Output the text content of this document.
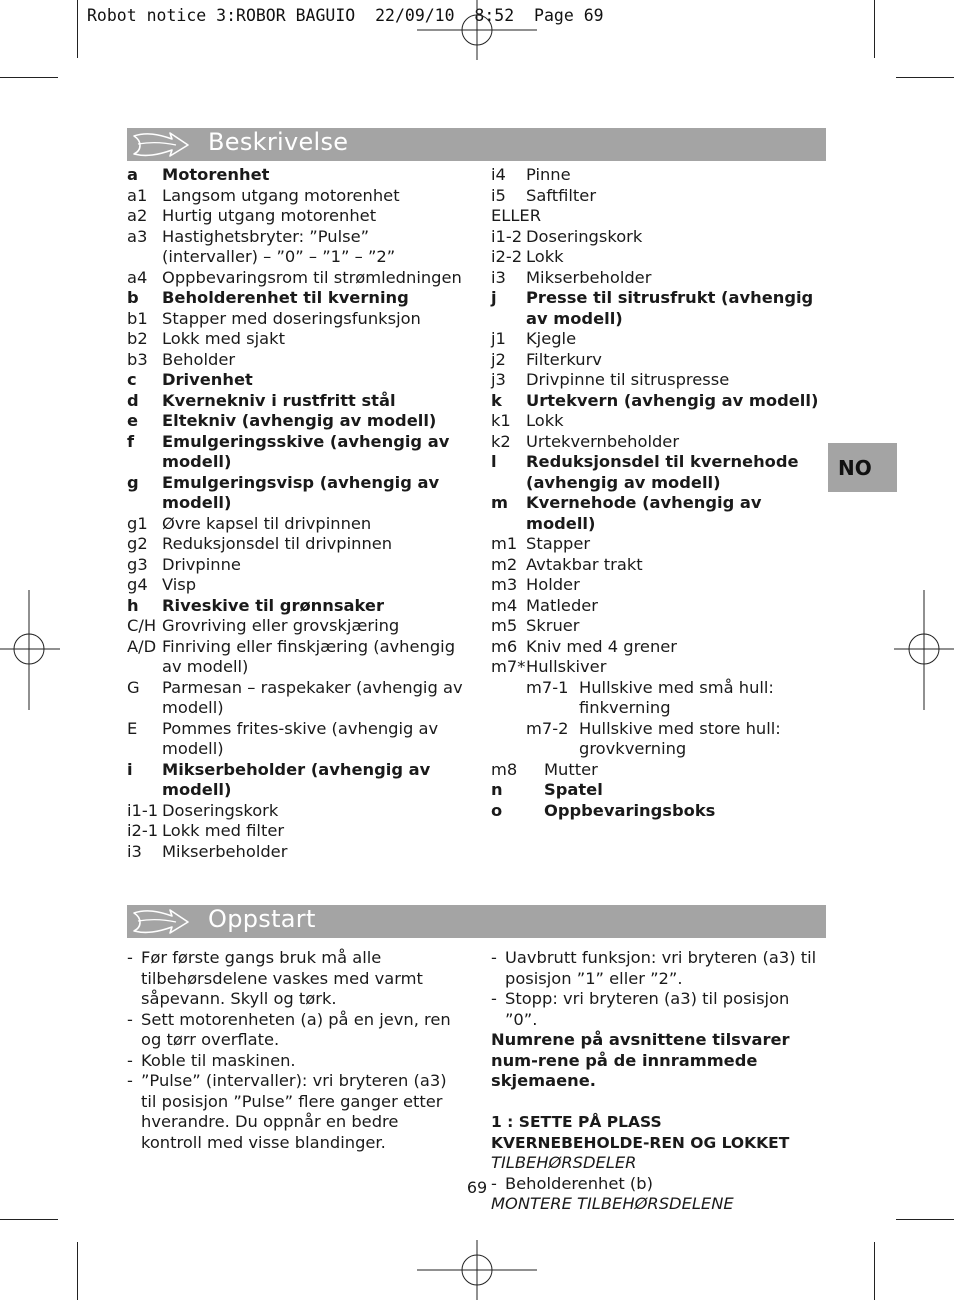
Robot notice 3:ROBOR BAGUIO  22/09/10  8:52  Page 69
Beskrivelse
a	Motorenhet
a1 Langsom utgang motorenhet
a2 Hurtig utgang motorenhet
a3 Hastighetsbryter: ”Pulse” (intervaller) – ”0” – ”1” – ”2”
a4 Oppbevaringsrom til strømledningen
b	Beholderenhet til kverning
b1 Stapper med doseringsfunksjon
b2 Lokk med sjakt
b3 Beholder
c	Drivenhet
d	Kvernekniv i rustfritt stål
e	Eltekniv (avhengig av modell)
f	Emulgeringsskive (avhengig av modell)
g	Emulgeringsvisp (avhengig av modell)
g1 Øvre kapsel til drivpinnen
g2 Reduksjonsdel til drivpinnen
g3 Drivpinne
g4 Visp
h	Riveskive til grønnsaker
C/H Grovriving eller grovskjæring
A/D Finriving eller finskjæring (avhengig av modell)
G	Parmesan – raspekaker (avhengig av modell)
E	Pommes frites-skive (avhengig av modell)
i	Mikserbeholder (avhengig av modell)
i1-1 Doseringskork
i2-1 Lokk med filter
i3	Mikserbeholder
i4	Pinne
i5	Saftfilter
ELLER
i1-2 Doseringskork
i2-2 Lokk
i3	Mikserbeholder
j	Presse til sitrusfrukt (avhengig av modell)
j1	Kjegle
j2	Filterkurv
j3	Drivpinne til sitruspresse
k	Urtekvern (avhengig av modell)
k1 Lokk
k2 Urtekvernbeholder
l	Reduksjonsdel til kvernehode (avhengig av modell)
m	Kvernehode (avhengig av modell)
m1 Stapper
m2 Avtakbar trakt
m3 Holder
m4 Matleder
m5 Skruer
m6 Kniv med 4 grener
m7* Hullskiver
m7-1 Hullskive med små hull: finkverning
m7-2 Hullskive med store hull: grovkverning
m8	Mutter
n	Spatel
o	Oppbevaringsboks
NO
Oppstart
- Før første gangs bruk må alle tilbehørsdelene vaskes med varmt såpevann. Skyll og tørk.
- Sett motorenheten (a) på en jevn, ren og tørr overflate.
- Koble til maskinen.
- ”Pulse” (intervaller): vri bryteren (a3) til posisjon ”Pulse” flere ganger etter hverandre. Du oppnår en bedre kontroll med visse blandinger.
- Uavbrutt funksjon: vri bryteren (a3) til posisjon ”1” eller ”2”.
- Stopp: vri bryteren (a3) til posisjon ”0”.
Numrene på avsnittene tilsvarer num-rene på de innrammede skjemaene.
1 : SETTE PÅ PLASS KVERNEBEHOLDE-REN OG LOKKET
TILBEHØRSDELER
- Beholderenhet (b)
MONTERE TILBEHØRSDELENE
69
